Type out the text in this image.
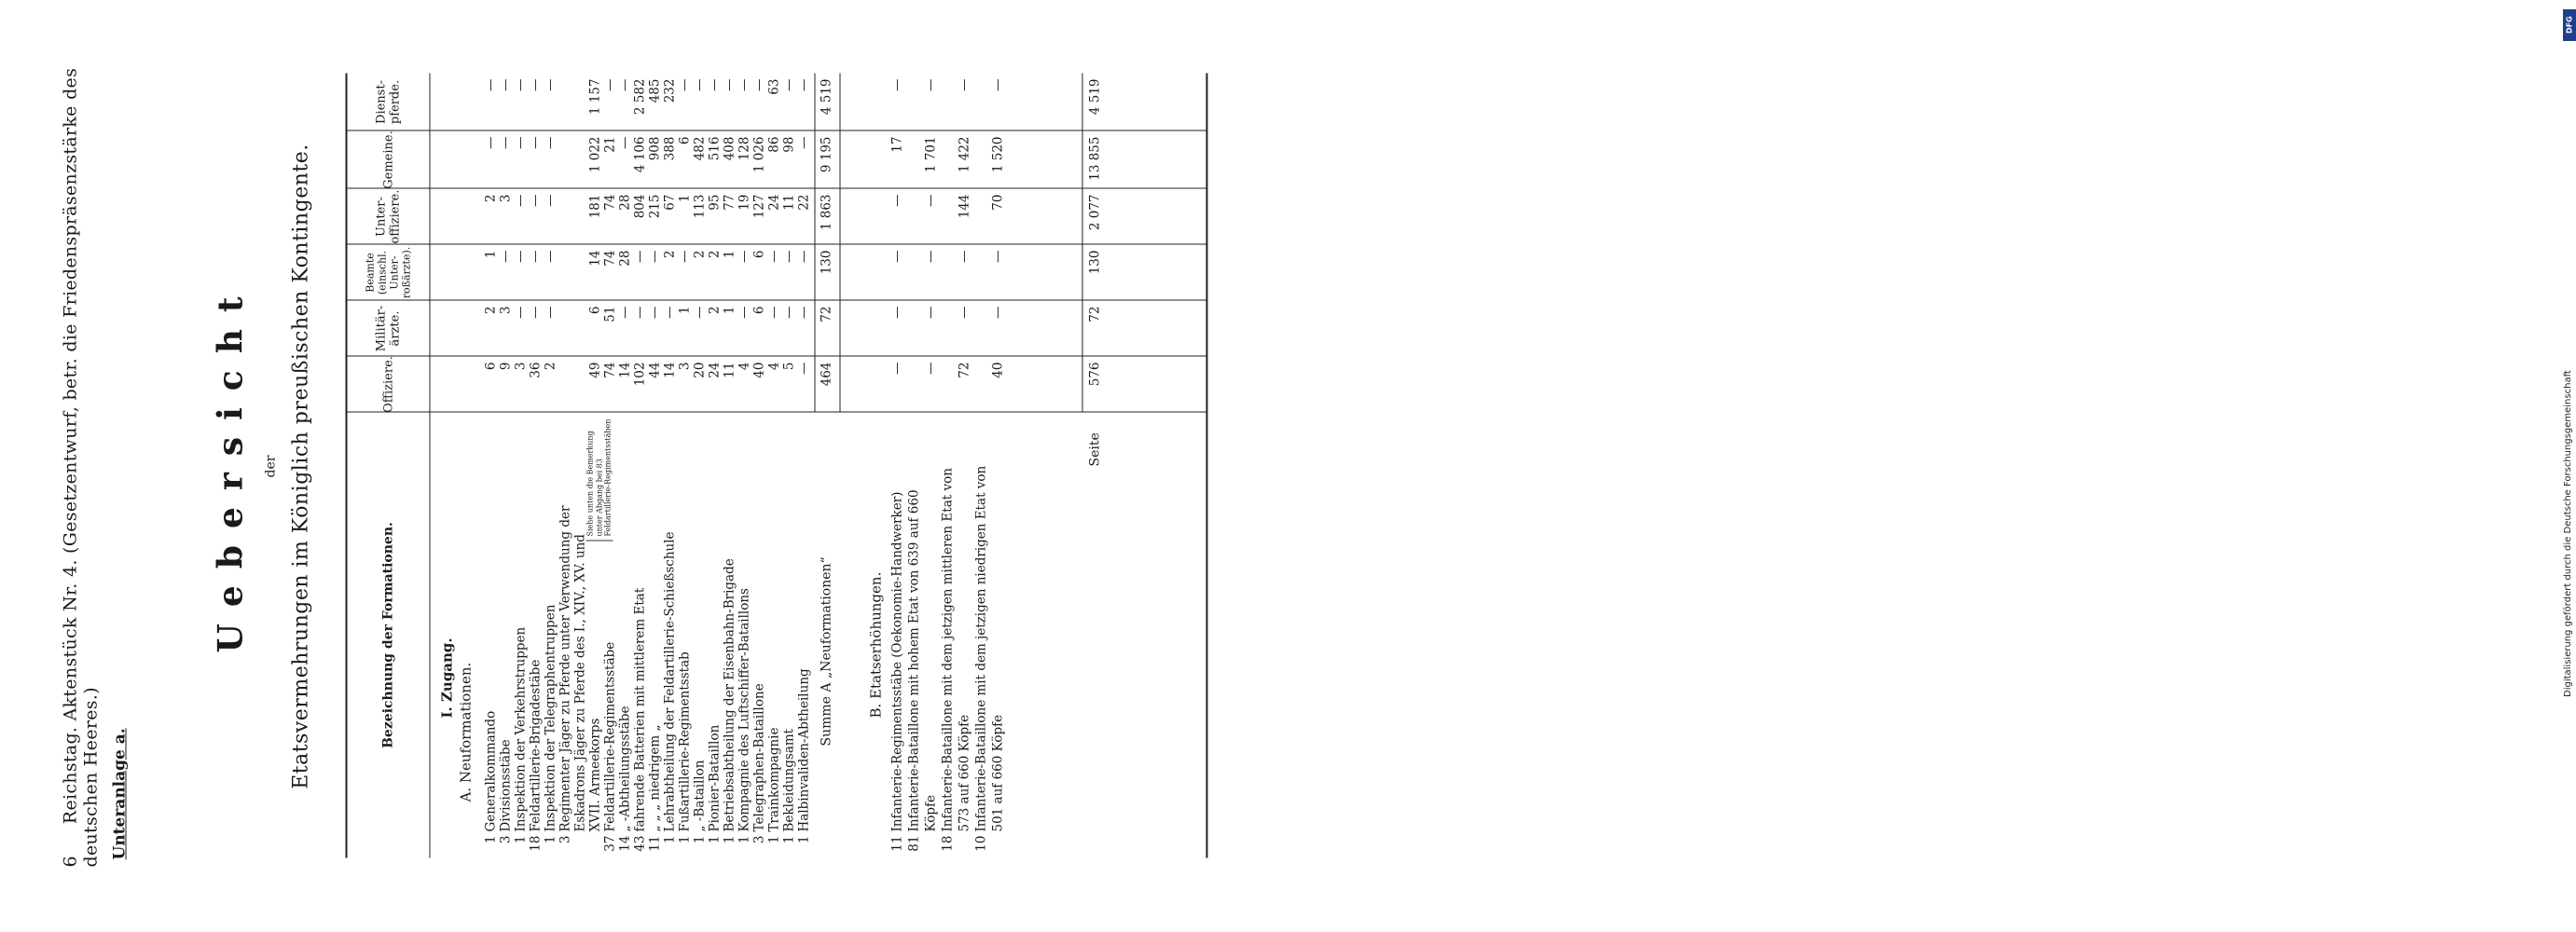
6 Reichstag. Aktenstück Nr. 4. (Gesetzentwurf, betr. die Friedenspräsenzstärke des deutschen Heeres.) Unteranlage a.
Uebersicht der Etatsvermehrungen im Königlich preußischen Kontingente.	Bezeichnung der Formationen.
Offiziere.
Militär-ärzte.
Beamte (einschl. Unter-roßärzte).
Unter-offiziere.
Gemeine.
Dienst-pferde.
I. Zugang. A. Neuformationen.
1
Generalkommando
6
2
1
2
—
—
3
Divisionsstäbe
9
3
—
3
—
—
1
Inspektion der Verkehrstruppen
3
—
—
—
—
—
18
Feldartillerie-Brigadestäbe
36
—
—
—
—
—
1
Inspektion der Telegraphentruppen
2
—
—
—
—
—
3
Regimenter Jäger zu Pferde unter Verwendung der Eskadrons Jäger zu Pferde des I., XIV., XV. und XVII. Armeekorps
49
6
14
181
1 022
1 157
37
Feldartillerie-Regimentsstäbe
74
51
74
74
21
—
14
„ -Abtheilungsstäbe
14
—
28
28
—
—
43
fahrende Batterien mit mittlerem Etat
102
—
—
804
4 106
2 582
11
„ „ „ niedrigem „
44
—
—
215
908
485
1
Lehrabtheilung der Feldartillerie-Schießschule
14
—
2
67
388
232
1
Fußartillerie-Regimentsstab
3
1
—
1
6
—
1
„ -Bataillon
20
—
2
113
482
—
1
Pionier-Bataillon
24
2
2
95
516
—
1
Betriebsabtheilung der Eisenbahn-Brigade
11
1
1
77
408
—
1
Kompagnie des Luftschiffer-Bataillons
4
—
—
19
128
—
3
Telegraphen-Bataillone
40
6
6
127
1 026
—
1
Trainkompagnie
4
—
—
24
86
63
1
Bekleidungsamt
5
—
—
11
98
—
1
Halbinvaliden-Abtheilung
—
—
—
22
—
—
Summe A „Neuformationen“
464
72
130
1 863
9 195
4 519
B. Etatserhöhungen.
11
Infanterie-Regimentsstäbe (Oekonomie-Handwerker)
—
—
—
—
17
—
81
Infanterie-Bataillone mit hohem Etat von 639 auf 660 Köpfe
—
—
—
—
1 701
—
18
Infanterie-Bataillone mit dem jetzigen mittleren Etat von 573 auf 660 Köpfe
72
—
—
144
1 422
—
10
Infanterie-Bataillone mit dem jetzigen niedrigen Etat von 501 auf 660 Köpfe
40
—
—
70
1 520
—
Seite
576
72
130
2 077
13 855
4 519
Siehe unten die Bemerkung unter Abgang bei 83 Feldartillerie-Regimentsstäben
DFG
Digitalisierung gefördert durch die Deutsche Forschungsgemeinschaft
